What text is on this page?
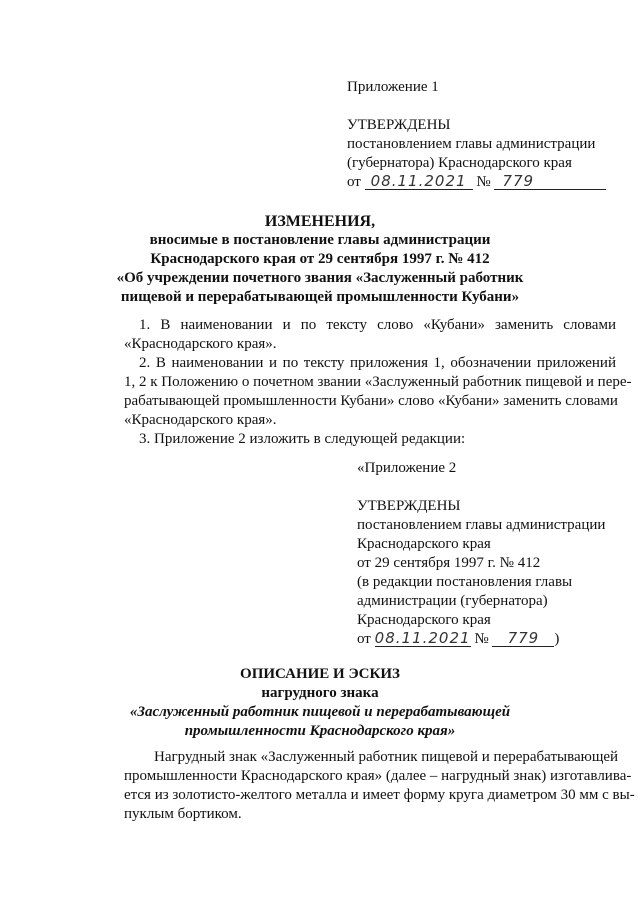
Приложение 1
УТВЕРЖДЕНЫ
постановлением главы администрации
(губернатора) Краснодарского края
от 08.11.2021 № 779
ИЗМЕНЕНИЯ,
вносимые в постановление главы администрации
Краснодарского края от 29 сентября 1997 г. № 412
«Об учреждении почетного звания «Заслуженный работник
пищевой и перерабатывающей промышленности Кубани»
1. В наименовании и по тексту слово «Кубани» заменить словами
«Краснодарского края».
2. В наименовании и по тексту приложения 1, обозначении приложений
1, 2 к Положению о почетном звании «Заслуженный работник пищевой и пере-
рабатывающей промышленности Кубани» слово «Кубани» заменить словами
«Краснодарского края».
3. Приложение 2 изложить в следующей редакции:
«Приложение 2
УТВЕРЖДЕНЫ
постановлением главы администрации
Краснодарского края
от 29 сентября 1997 г. № 412
(в редакции постановления главы
администрации (губернатора)
Краснодарского края
от 08.11.2021 № 779 )
ОПИСАНИЕ И ЭСКИЗ
нагрудного знака
«Заслуженный работник пищевой и перерабатывающей
промышленности Краснодарского края»
Нагрудный знак «Заслуженный работник пищевой и перерабатывающей
промышленности Краснодарского края» (далее – нагрудный знак) изготавлива-
ется из золотисто-желтого металла и имеет форму круга диаметром 30 мм с вы-
пуклым бортиком.
